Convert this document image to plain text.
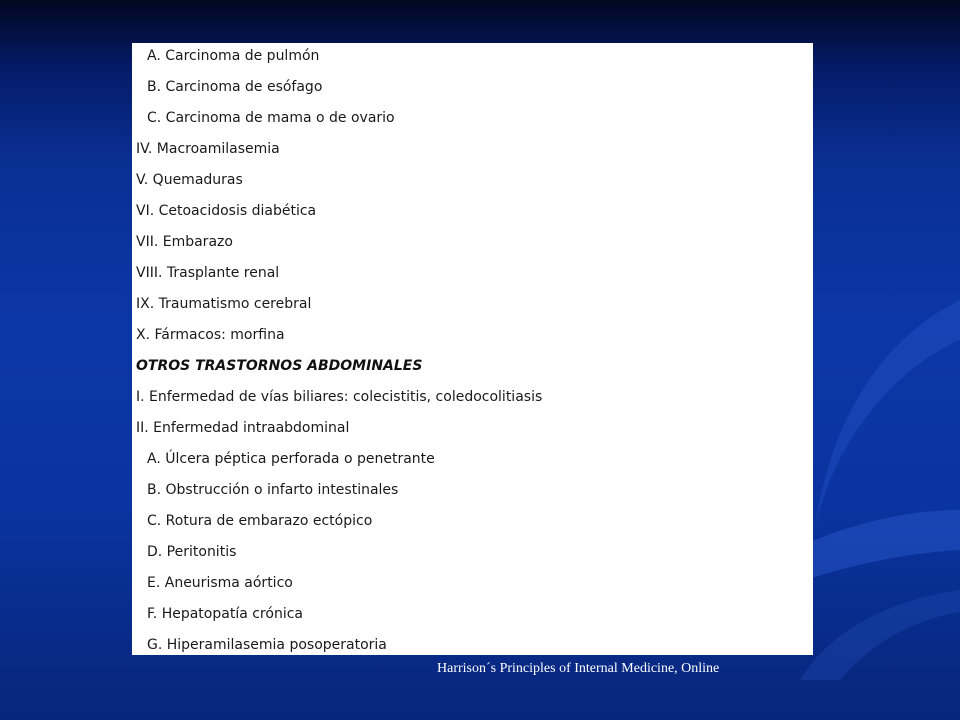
A. Carcinoma de pulmón
B. Carcinoma de esófago
C. Carcinoma de mama o de ovario
IV. Macroamilasemia
V. Quemaduras
VI. Cetoacidosis diabética
VII. Embarazo
VIII. Trasplante renal
IX. Traumatismo cerebral
X. Fármacos: morfina
OTROS TRASTORNOS ABDOMINALES
I. Enfermedad de vías biliares: colecistitis, coledocolitiasis
II. Enfermedad intraabdominal
A. Úlcera péptica perforada o penetrante
B. Obstrucción o infarto intestinales
C. Rotura de embarazo ectópico
D. Peritonitis
E. Aneurisma aórtico
F. Hepatopatía crónica
G. Hiperamilasemia posoperatoria
Harrison´s Principles of Internal Medicine, Online
